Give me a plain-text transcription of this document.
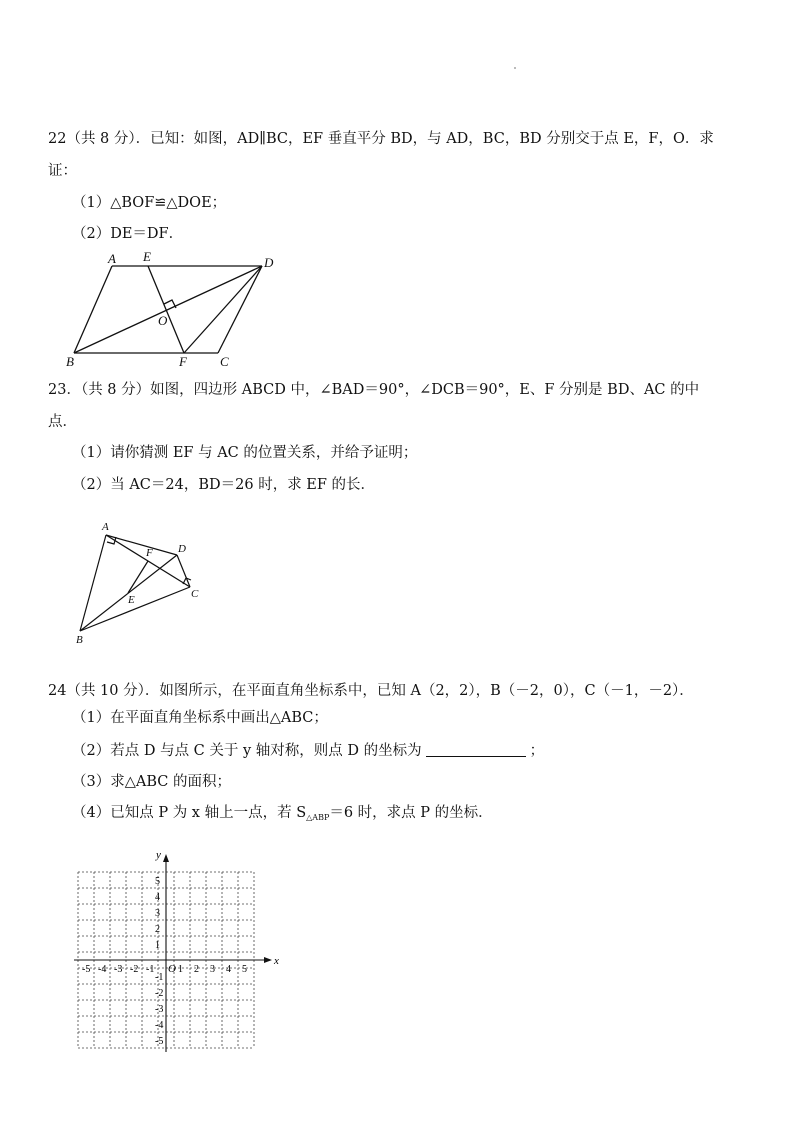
22（共 8 分）．已知：如图，AD∥BC，EF 垂直平分 BD，与 AD，BC，BD 分别交于点 E，F，O．求
证：
（1）△BOF≌△DOE；
（2）DE＝DF．
A E	D
O
B	F	C
23．（共 8 分）如图，四边形 ABCD 中，∠BAD＝90°，∠DCB＝90°，E、F 分别是 BD、AC 的中
点．
（1）请你猜测 EF 与 AC 的位置关系，并给予证明；
（2）当 AC＝24，BD＝26 时，求 EF 的长．
A
F D
C
E
B
24（共 10 分）．如图所示，在平面直角坐标系中，已知 A（2，2），B（－2，0），C（－1，－2）．
（1）在平面直角坐标系中画出△ABC；
（2）若点 D 与点 C 关于 y 轴对称，则点 D 的坐标为	；
（3）求△ABC 的面积；
（4）已知点 P 为 x 轴上一点，若 $S_{\triangle ABP}=6$ 时，求点 P 的坐标．
x
y
O
-5 -4 -3 -2 -1 1 2 3 4 5
5
4
3
2
1
-1
-2
-3
-4
-5
